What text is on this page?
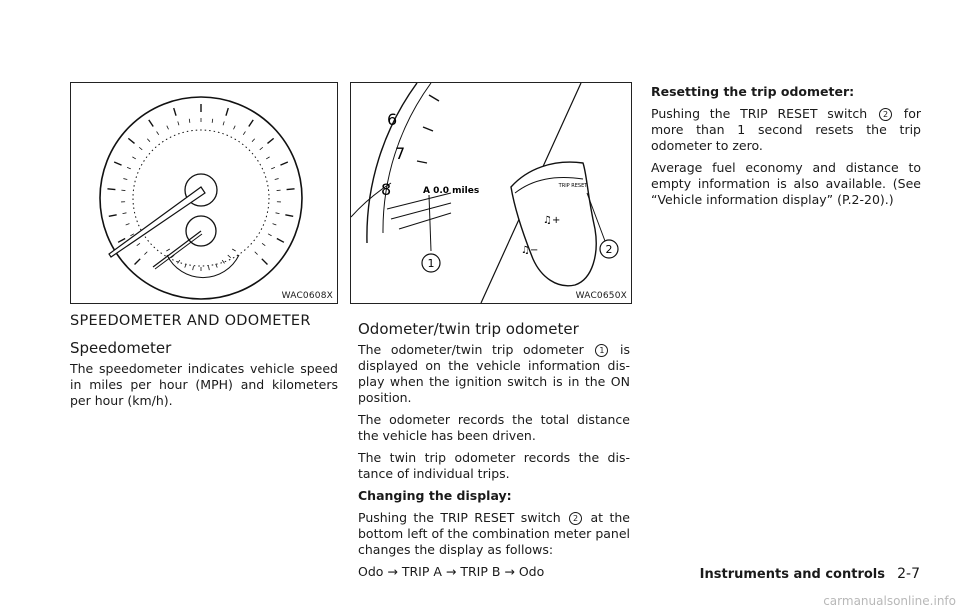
WAC0608X
6
7
8	A 0.0 miles
1
TRIP RESET
♫+
♫−	2
WAC0650X
SPEEDOMETER AND ODOMETER
Speedometer

The speedometer indicates vehicle speed in miles per hour (MPH) and kilometers per hour (km/h).

Odometer/twin trip odometer

The odometer/twin trip odometer 1 is displayed on the vehicle information dis-play when the ignition switch is in the ON position.

The odometer records the total distance the vehicle has been driven.

The twin trip odometer records the dis-tance of individual trips.

Changing the display:

Pushing the TRIP RESET switch 2 at the bottom left of the combination meter panel changes the display as follows:

Odo → TRIP A → TRIP B → Odo

Resetting the trip odometer:

Pushing the TRIP RESET switch 2 for more than 1 second resets the trip odometer to zero.

Average fuel economy and distance to empty information is also available. (See “Vehicle information display” (P.2-20).)

Instruments and controls 2-7
carmanualsonline.info
